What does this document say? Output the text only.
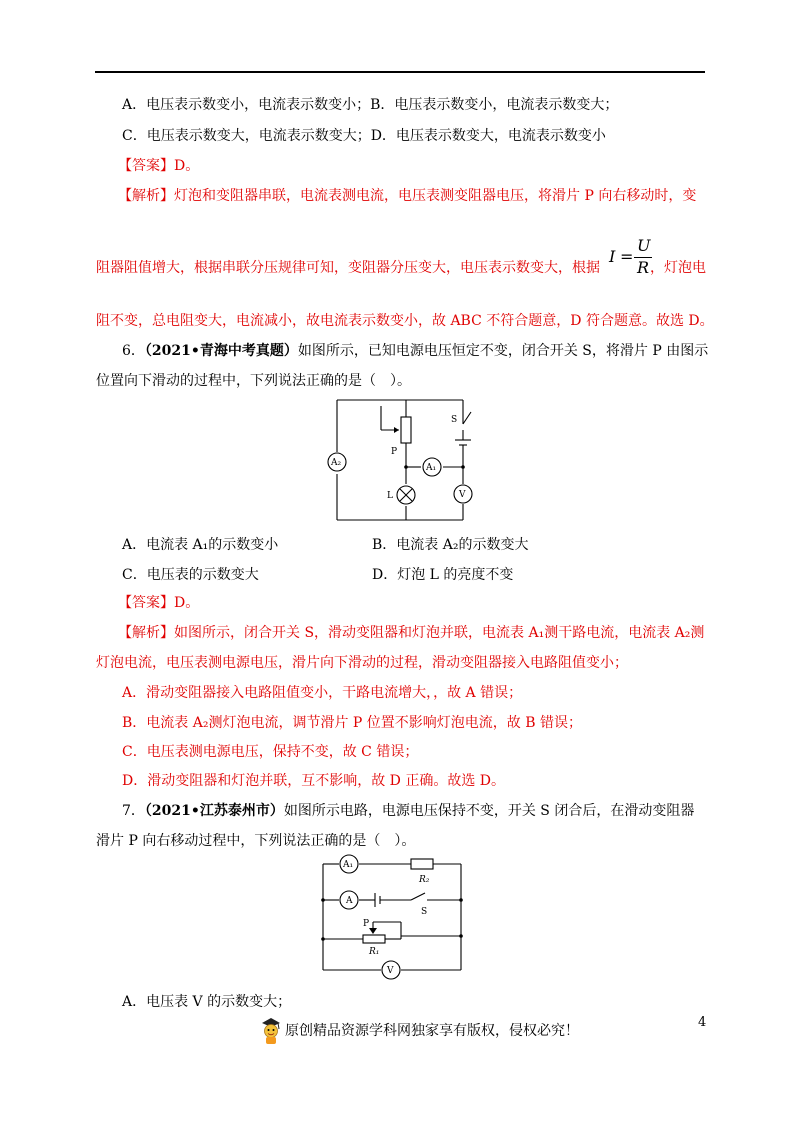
A．电压表示数变小，电流表示数变小；B．电压表示数变小，电流表示数变大；
C．电压表示数变大，电流表示数变大；D．电压表示数变大，电流表示数变小
【答案】D。
【解析】灯泡和变阻器串联，电流表测电流，电压表测变阻器电压，将滑片 P 向右移动时，变
阻器阻值增大，根据串联分压规律可知，变阻器分压变大，电压表示数变大，根据
I =
U
R ，灯泡电
阻不变，总电阻变大，电流减小，故电流表示数变小，故 ABC 不符合题意，D 符合题意。故选 D。
6．（2021•青海中考真题）如图所示，已知电源电压恒定不变，闭合开关 S，将滑片 P 由图示
位置向下滑动的过程中，下列说法正确的是（　）。
A₂	A₁
V
L
P
S
A．电流表 A₁的示数变小	B．电流表 A₂的示数变大
C．电压表的示数变大	D．灯泡 L 的亮度不变
【答案】D。
【解析】如图所示，闭合开关 S，滑动变阻器和灯泡并联，电流表 A₁测干路电流，电流表 A₂测
灯泡电流，电压表测电源电压，滑片向下滑动的过程，滑动变阻器接入电路阻值变小；
A．滑动变阻器接入电路阻值变小，干路电流增大，，故 A 错误；
B．电流表 A₂测灯泡电流，调节滑片 P 位置不影响灯泡电流，故 B 错误；
C．电压表测电源电压，保持不变，故 C 错误；
D．滑动变阻器和灯泡并联，互不影响，故 D 正确。故选 D。
7．（2021•江苏泰州市）如图所示电路，电源电压保持不变，开关 S 闭合后，在滑动变阻器
滑片 P 向右移动过程中，下列说法正确的是（　）。
A₁
A
V
R₂
R₁
P
S
A．电压表 V 的示数变大；
4
原创精品资源学科网独家享有版权，侵权必究！
